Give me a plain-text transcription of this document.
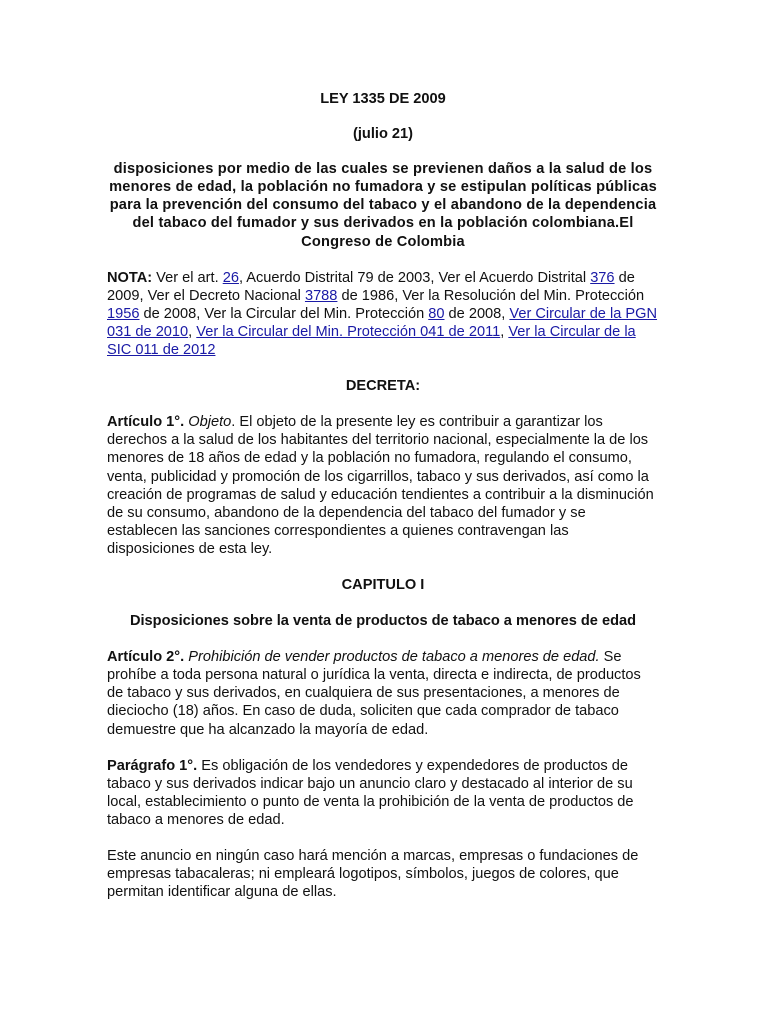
LEY 1335 DE 2009

(julio 21)

disposiciones por medio de las cuales se previenen daños a la salud de los
menores de edad, la población no fumadora y se estipulan políticas públicas
para la prevención del consumo del tabaco y el abandono de la dependencia
del tabaco del fumador y sus derivados en la población colombiana.El
Congreso de Colombia

NOTA: Ver el art. 26, Acuerdo Distrital 79 de 2003, Ver el Acuerdo Distrital 376 de 2009, Ver el Decreto Nacional 3788 de 1986, Ver la Resolución del Min. Protección 1956 de 2008, Ver la Circular del Min. Protección 80 de 2008, Ver Circular de la PGN 031 de 2010, Ver la Circular del Min. Protección 041 de 2011, Ver la Circular de la SIC 011 de 2012

DECRETA:

Artículo 1°. Objeto. El objeto de la presente ley es contribuir a garantizar los derechos a la salud de los habitantes del territorio nacional, especialmente la de los menores de 18 años de edad y la población no fumadora, regulando el consumo, venta, publicidad y promoción de los cigarrillos, tabaco y sus derivados, así como la creación de programas de salud y educación tendientes a contribuir a la disminución de su consumo, abandono de la dependencia del tabaco del fumador y se establecen las sanciones correspondientes a quienes contravengan las disposiciones de esta ley.

CAPITULO I

Disposiciones sobre la venta de productos de tabaco a menores de edad

Artículo 2°. Prohibición de vender productos de tabaco a menores de edad. Se prohíbe a toda persona natural o jurídica la venta, directa e indirecta, de productos de tabaco y sus derivados, en cualquiera de sus presentaciones, a menores de dieciocho (18) años. En caso de duda, soliciten que cada comprador de tabaco demuestre que ha alcanzado la mayoría de edad.

Parágrafo 1°. Es obligación de los vendedores y expendedores de productos de tabaco y sus derivados indicar bajo un anuncio claro y destacado al interior de su local, establecimiento o punto de venta la prohibición de la venta de productos de tabaco a menores de edad.

Este anuncio en ningún caso hará mención a marcas, empresas o fundaciones de empresas tabacaleras; ni empleará logotipos, símbolos, juegos de colores, que permitan identificar alguna de ellas.
